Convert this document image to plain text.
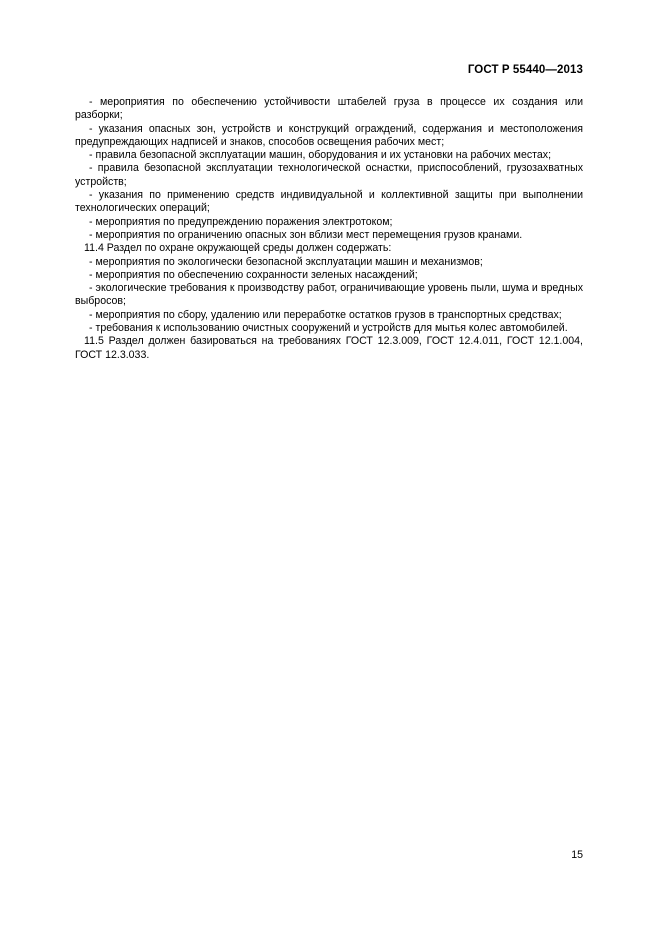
ГОСТ Р 55440—2013

- мероприятия по обеспечению устойчивости штабелей груза в процессе их создания или разборки;

- указания опасных зон, устройств и конструкций ограждений, содержания и местоположения предупреждающих надписей и знаков, способов освещения рабочих мест;

- правила безопасной эксплуатации машин, оборудования и их установки на рабочих местах;

- правила безопасной эксплуатации технологической оснастки, приспособлений, грузозахватных устройств;

- указания по применению средств индивидуальной и коллективной защиты при выполнении технологических операций;

- мероприятия по предупреждению поражения электротоком;

- мероприятия по ограничению опасных зон вблизи мест перемещения грузов кранами.

11.4 Раздел по охране окружающей среды должен содержать:

- мероприятия по экологически безопасной эксплуатации машин и механизмов;

- мероприятия по обеспечению сохранности зеленых насаждений;

- экологические требования к производству работ, ограничивающие уровень пыли, шума и вредных выбросов;

- мероприятия по сбору, удалению или переработке остатков грузов в транспортных средствах;

- требования к использованию очистных сооружений и устройств для мытья колес автомобилей.

11.5 Раздел должен базироваться на требованиях ГОСТ 12.3.009, ГОСТ 12.4.011, ГОСТ 12.1.004, ГОСТ 12.3.033.

15
